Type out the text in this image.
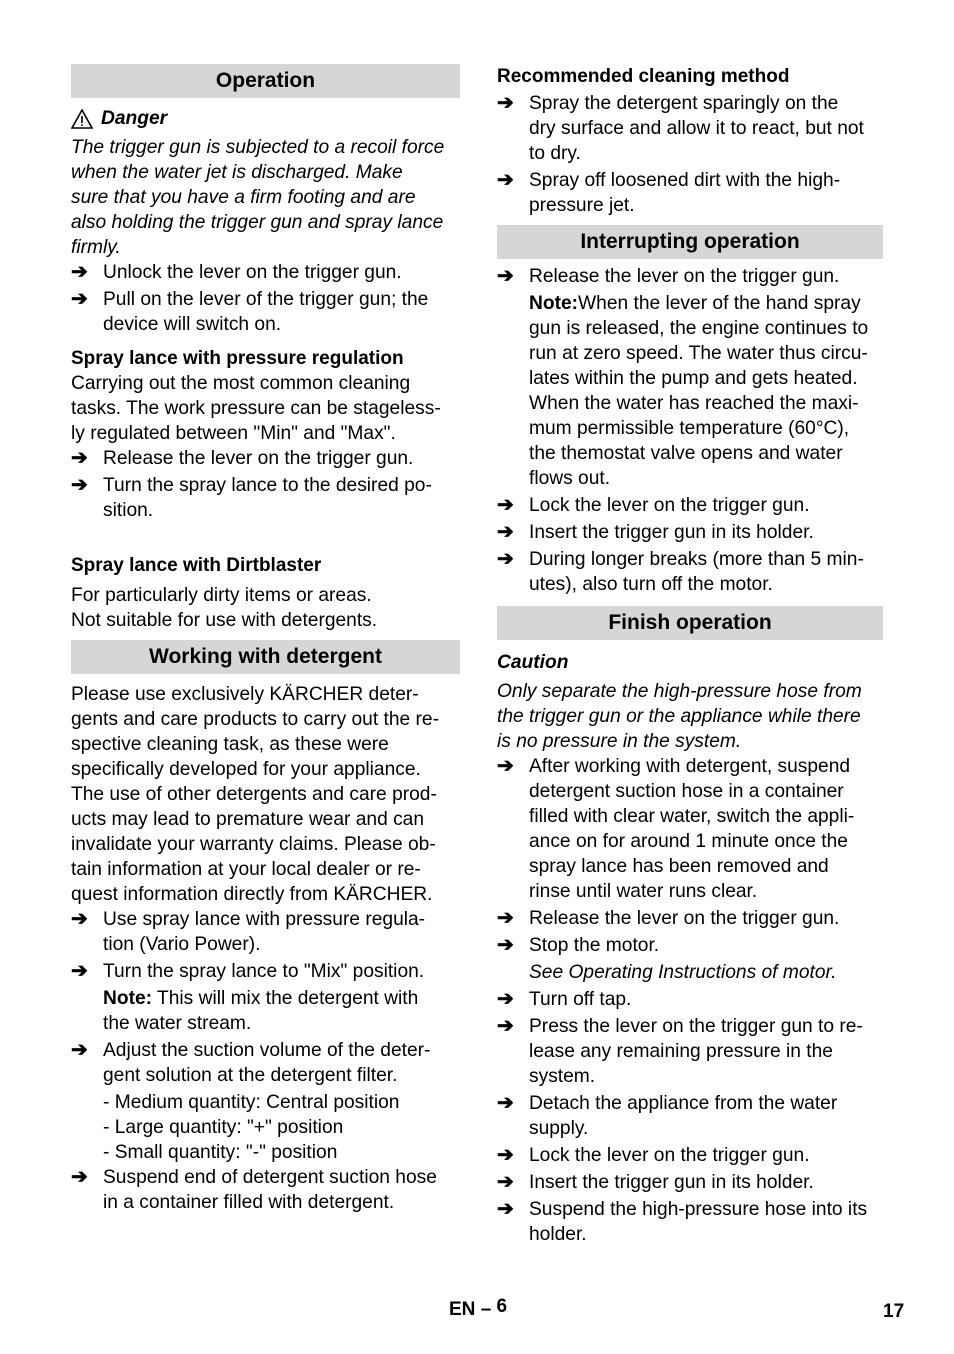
Operation
Danger
The trigger gun is subjected to a recoil force
when the water jet is discharged. Make
sure that you have a firm footing and are
also holding the trigger gun and spray lance
firmly.
➔ Unlock the lever on the trigger gun.
➔ Pull on the lever of the trigger gun; the
device will switch on.
Spray lance with pressure regulation
Carrying out the most common cleaning
tasks. The work pressure can be stageless-
ly regulated between "Min" and "Max".
➔ Release the lever on the trigger gun.
➔ Turn the spray lance to the desired po-
sition.
Spray lance with Dirtblaster
For particularly dirty items or areas.
Not suitable for use with detergents.
Working with detergent
Please use exclusively KÄRCHER deter-
gents and care products to carry out the re-
spective cleaning task, as these were
specifically developed for your appliance.
The use of other detergents and care prod-
ucts may lead to premature wear and can
invalidate your warranty claims. Please ob-
tain information at your local dealer or re-
quest information directly from KÄRCHER.
➔ Use spray lance with pressure regula-
tion (Vario Power).
➔ Turn the spray lance to "Mix" position.
Note: This will mix the detergent with
the water stream.
➔ Adjust the suction volume of the deter-
gent solution at the detergent filter.
- Medium quantity: Central position
- Large quantity: "+" position
- Small quantity: "-" position
➔ Suspend end of detergent suction hose
in a container filled with detergent.
Recommended cleaning method
➔ Spray the detergent sparingly on the
dry surface and allow it to react, but not
to dry.
➔ Spray off loosened dirt with the high-
pressure jet.
Interrupting operation
➔ Release the lever on the trigger gun.
Note:When the lever of the hand spray
gun is released, the engine continues to
run at zero speed. The water thus circu-
lates within the pump and gets heated.
When the water has reached the maxi-
mum permissible temperature (60°C),
the themostat valve opens and water
flows out.
➔ Lock the lever on the trigger gun.
➔ Insert the trigger gun in its holder.
➔ During longer breaks (more than 5 min-
utes), also turn off the motor.
Finish operation
Caution
Only separate the high-pressure hose from
the trigger gun or the appliance while there
is no pressure in the system.
➔ After working with detergent, suspend
detergent suction hose in a container
filled with clear water, switch the appli-
ance on for around 1 minute once the
spray lance has been removed and
rinse until water runs clear.
➔ Release the lever on the trigger gun.
➔ Stop the motor.
See Operating Instructions of motor.
➔ Turn off tap.
➔ Press the lever on the trigger gun to re-
lease any remaining pressure in the
system.
➔ Detach the appliance from the water
supply.
➔ Lock the lever on the trigger gun.
➔ Insert the trigger gun in its holder.
➔ Suspend the high-pressure hose into its
holder.
EN – 6	17
